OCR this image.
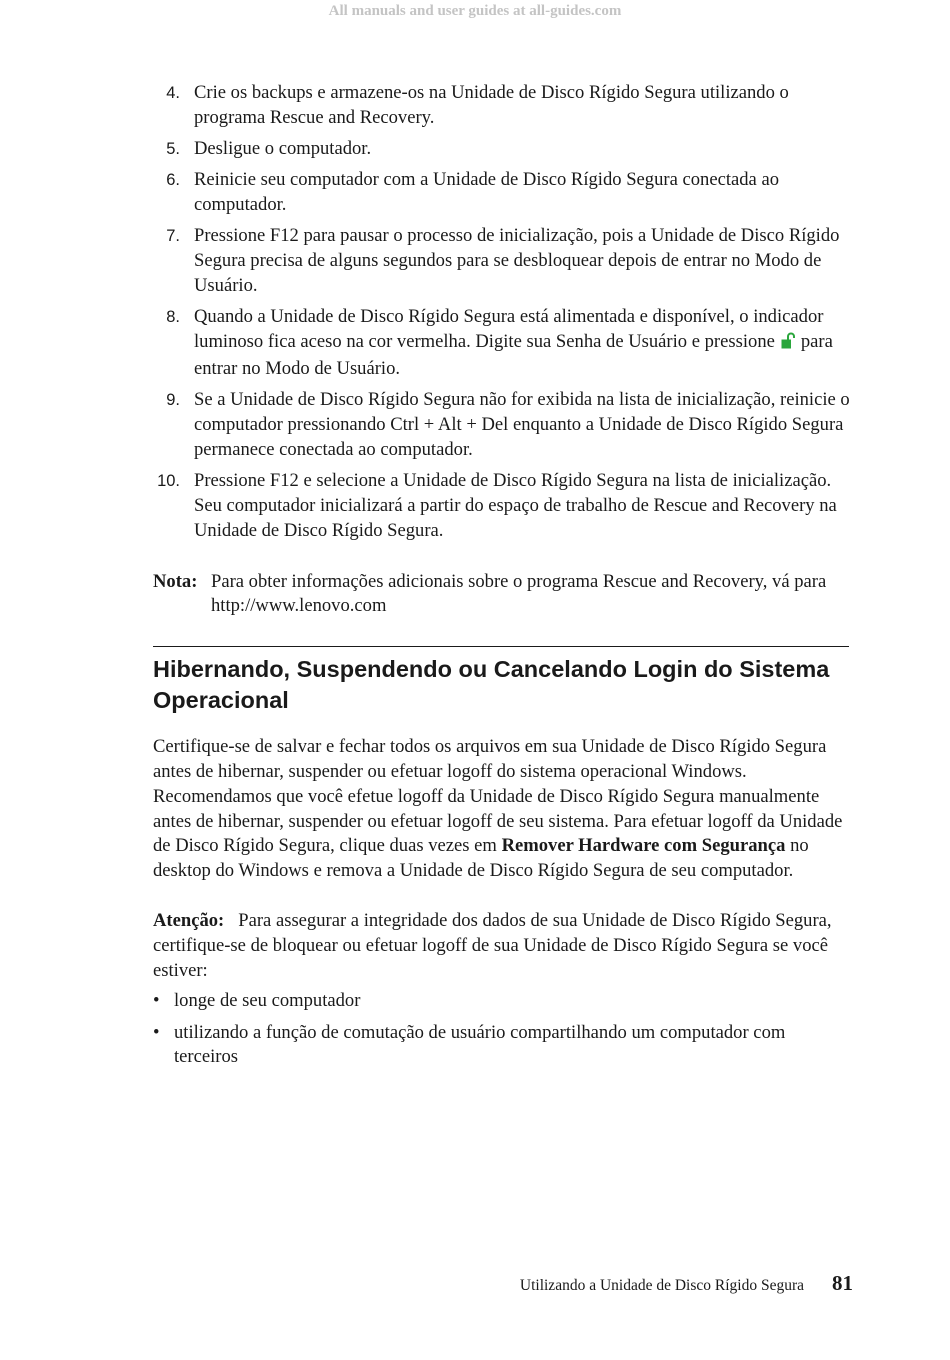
All manuals and user guides at all-guides.com
4. Crie os backups e armazene-os na Unidade de Disco Rígido Segura utilizando o programa Rescue and Recovery.
5. Desligue o computador.
6. Reinicie seu computador com a Unidade de Disco Rígido Segura conectada ao computador.
7. Pressione F12 para pausar o processo de inicialização, pois a Unidade de Disco Rígido Segura precisa de alguns segundos para se desbloquear depois de entrar no Modo de Usuário.
8. Quando a Unidade de Disco Rígido Segura está alimentada e disponível, o indicador luminoso fica aceso na cor vermelha. Digite sua Senha de Usuário e pressione para entrar no Modo de Usuário.
9. Se a Unidade de Disco Rígido Segura não for exibida na lista de inicialização, reinicie o computador pressionando Ctrl + Alt + Del enquanto a Unidade de Disco Rígido Segura permanece conectada ao computador.
10. Pressione F12 e selecione a Unidade de Disco Rígido Segura na lista de inicialização. Seu computador inicializará a partir do espaço de trabalho de Rescue and Recovery na Unidade de Disco Rígido Segura.
Nota: Para obter informações adicionais sobre o programa Rescue and Recovery, vá para http://www.lenovo.com
Hibernando, Suspendendo ou Cancelando Login do Sistema Operacional
Certifique-se de salvar e fechar todos os arquivos em sua Unidade de Disco Rígido Segura antes de hibernar, suspender ou efetuar logoff do sistema operacional Windows. Recomendamos que você efetue logoff da Unidade de Disco Rígido Segura manualmente antes de hibernar, suspender ou efetuar logoff de seu sistema. Para efetuar logoff da Unidade de Disco Rígido Segura, clique duas vezes em Remover Hardware com Segurança no desktop do Windows e remova a Unidade de Disco Rígido Segura de seu computador.
Atenção: Para assegurar a integridade dos dados de sua Unidade de Disco Rígido Segura, certifique-se de bloquear ou efetuar logoff de sua Unidade de Disco Rígido Segura se você estiver:
• longe de seu computador
• utilizando a função de comutação de usuário compartilhando um computador com terceiros
Utilizando a Unidade de Disco Rígido Segura 81
